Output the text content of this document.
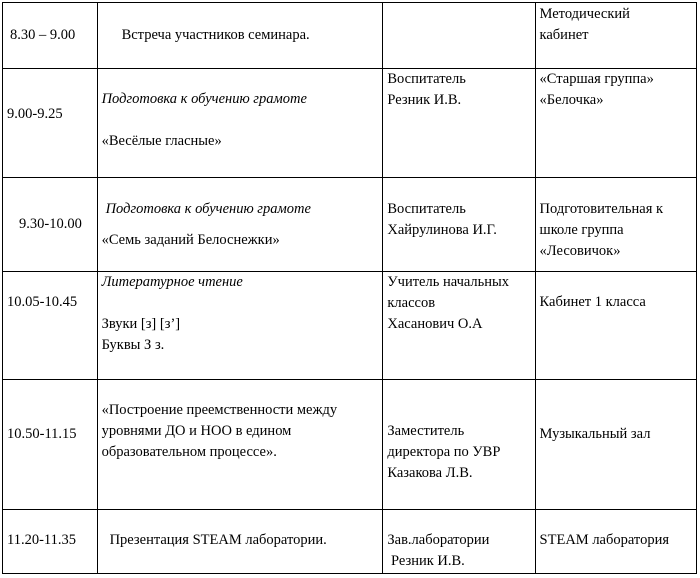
8.30 – 9.00	Встреча участников семинара.		Методический
кабинет

9.00-9.25	Подготовка к обучению грамоте
«Весёлые гласные»	Воспитатель
Резник И.В.	«Старшая группа»
«Белочка»

9.30-10.00	Подготовка к обучению грамоте
«Семь заданий Белоснежки»	Воспитатель
Хайрулинова И.Г.	Подготовительная к
школе группа
«Лесовичок»

10.05-10.45	Литературное чтение
Звуки [з] [з’]
Буквы З з.	Учитель начальных
классов
Хасанович О.А	Кабинет 1 класса

10.50-11.15	«Построение преемственности между
уровнями ДО и НОО в едином
образовательном процессе».	Заместитель
директора по УВР
Казакова Л.В.	Музыкальный зал

11.20-11.35	Презентация STEAM лаборатории.	Зав.лаборатории
Резник И.В.	STEAM лаборатория
